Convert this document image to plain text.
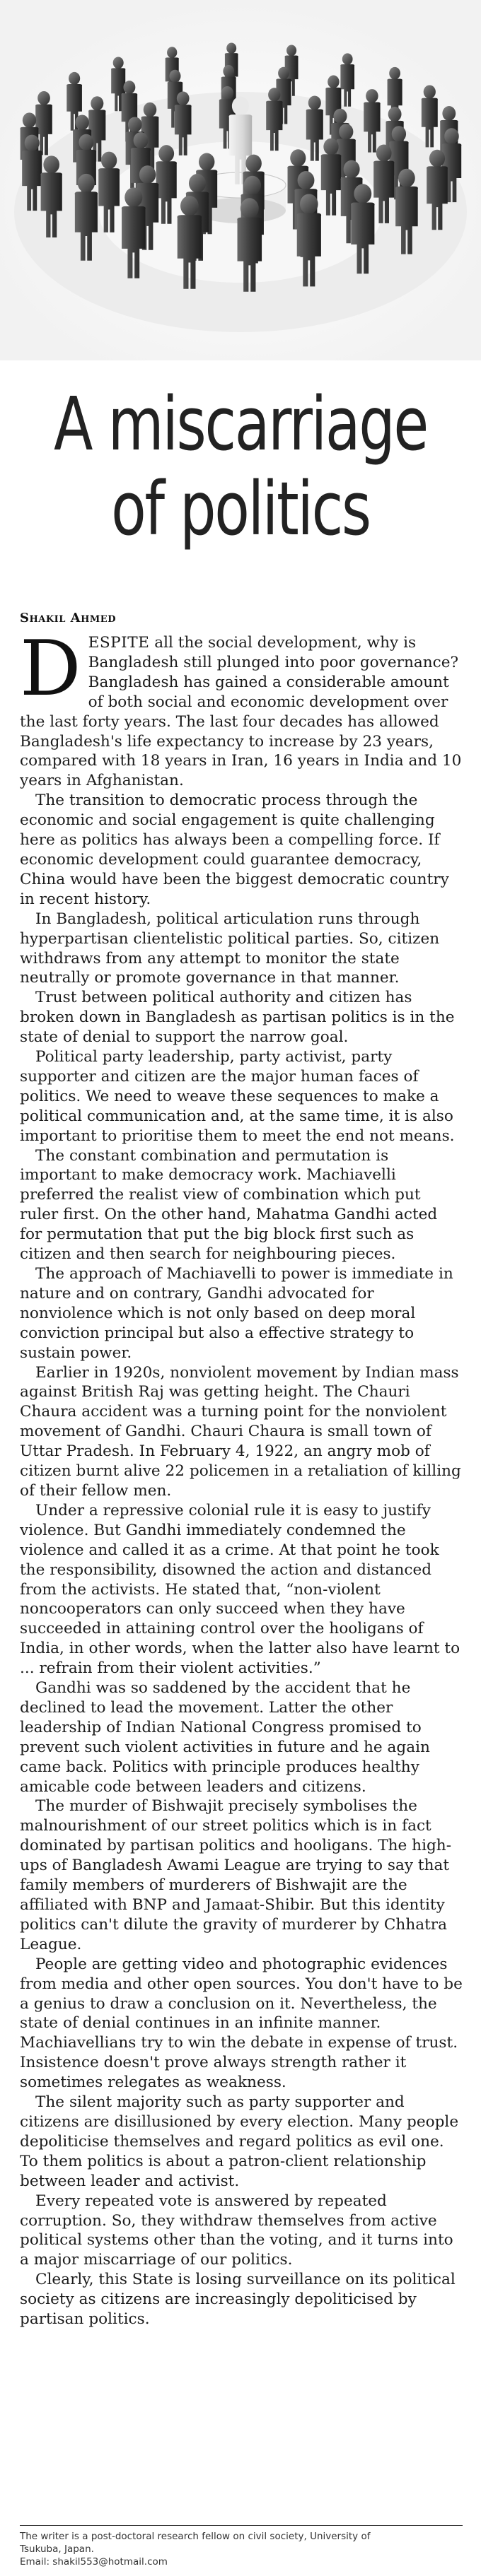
A miscarriage
of politics
Shakil Ahmed

DESPITE all the social development, why is Bangladesh still plunged into poor governance? Bangladesh has gained a considerable amount of both social and economic development over the last forty years. The last four decades has allowed Bangladesh's life expectancy to increase by 23 years, compared with 18 years in Iran, 16 years in India and 10 years in Afghanistan.

The transition to democratic process through the economic and social engagement is quite challenging here as politics has always been a compelling force. If economic development could guarantee democracy, China would have been the biggest democratic country in recent history.

In Bangladesh, political articulation runs through hyperpartisan clientelistic political parties. So, citizen withdraws from any attempt to monitor the state neutrally or promote governance in that manner.

Trust between political authority and citizen has broken down in Bangladesh as partisan politics is in the state of denial to support the narrow goal.

Political party leadership, party activist, party supporter and citizen are the major human faces of politics. We need to weave these sequences to make a political communication and, at the same time, it is also important to prioritise them to meet the end not means.

The constant combination and permutation is important to make democracy work. Machiavelli preferred the realist view of combination which put ruler first. On the other hand, Mahatma Gandhi acted for permutation that put the big block first such as citizen and then search for neighbouring pieces.

The approach of Machiavelli to power is immediate in nature and on contrary, Gandhi advocated for nonviolence which is not only based on deep moral conviction principal but also a effective strategy to sustain power.

Earlier in 1920s, nonviolent movement by Indian mass against British Raj was getting height. The Chauri Chaura accident was a turning point for the nonviolent movement of Gandhi. Chauri Chaura is small town of Uttar Pradesh. In February 4, 1922, an angry mob of citizen burnt alive 22 policemen in a retaliation of killing of their fellow men.

Under a repressive colonial rule it is easy to justify violence. But Gandhi immediately condemned the violence and called it as a crime. At that point he took the responsibility, disowned the action and distanced from the activists. He stated that, “non-violent noncooperators can only succeed when they have succeeded in attaining control over the hooligans of India, in other words, when the latter also have learnt to ... refrain from their violent activities.”

Gandhi was so saddened by the accident that he declined to lead the movement. Latter the other leadership of Indian National Congress promised to prevent such violent activities in future and he again came back. Politics with principle produces healthy amicable code between leaders and citizens.

The murder of Bishwajit precisely symbolises the malnourishment of our street politics which is in fact dominated by partisan politics and hooligans. The high-ups of Bangladesh Awami League are trying to say that family members of murderers of Bishwajit are the affiliated with BNP and Jamaat-Shibir. But this identity politics can't dilute the gravity of murderer by Chhatra League.

People are getting video and photographic evidences from media and other open sources. You don't have to be a genius to draw a conclusion on it. Nevertheless, the state of denial continues in an infinite manner. Machiavellians try to win the debate in expense of trust. Insistence doesn't prove always strength rather it sometimes relegates as weakness.

The silent majority such as party supporter and citizens are disillusioned by every election. Many people depoliticise themselves and regard politics as evil one. To them politics is about a patron-client relationship between leader and activist.

Every repeated vote is answered by repeated corruption. So, they withdraw themselves from active political systems other than the voting, and it turns into a major miscarriage of our politics.

Clearly, this State is losing surveillance on its political society as citizens are increasingly depoliticised by partisan politics.

The writer is a post-doctoral research fellow on civil society, University of
Tsukuba, Japan.
Email: shakil553@hotmail.com
